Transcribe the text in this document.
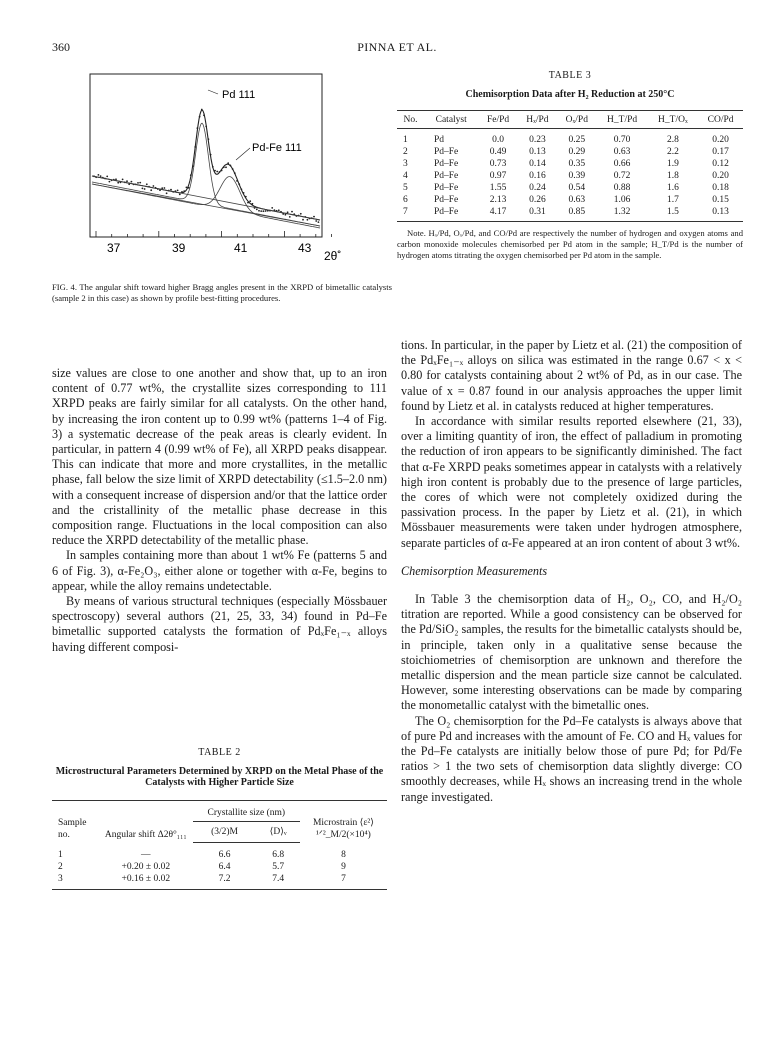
360	PINNA ET AL.
Pd 111
Pd-Fe 111
37	39	41	43
2θ˚
FIG. 4. The angular shift toward higher Bragg angles present in the XRPD of bimetallic catalysts (sample 2 in this case) as shown by profile best-fitting procedures.
TABLE 3
Chemisorption Data after H₂ Reduction at 250°C
No.	Catalyst	Fe/Pd	Hₓ/Pd	Oₓ/Pd	H_T/Pd	H_T/Oₓ	CO/Pd
1	Pd	0.0	0.23	0.25	0.70	2.8	0.20
2	Pd–Fe	0.49	0.13	0.29	0.63	2.2	0.17
3	Pd–Fe	0.73	0.14	0.35	0.66	1.9	0.12
4	Pd–Fe	0.97	0.16	0.39	0.72	1.8	0.20
5	Pd–Fe	1.55	0.24	0.54	0.88	1.6	0.18
6	Pd–Fe	2.13	0.26	0.63	1.06	1.7	0.15
7	Pd–Fe	4.17	0.31	0.85	1.32	1.5	0.13
Note. Hₓ/Pd, Oₓ/Pd, and CO/Pd are respectively the number of hydrogen and oxygen atoms and carbon monoxide molecules chemisorbed per Pd atom in the sample; H_T/Pd is the number of hydrogen atoms titrating the oxygen chemisorbed per Pd atom in the sample.

size values are close to one another and show that, up to an iron content of 0.77 wt%, the crystallite sizes corresponding to 111 XRPD peaks are fairly similar for all catalysts. On the other hand, by increasing the iron content up to 0.99 wt% (patterns 1–4 of Fig. 3) a systematic decrease of the peak areas is clearly evident. In particular, in pattern 4 (0.99 wt% of Fe), all XRPD peaks disappear. This can indicate that more and more crystallites, in the metallic phase, fall below the size limit of XRPD detectability (≤1.5–2.0 nm) with a consequent increase of dispersion and/or that the lattice order and the cristallinity of the metallic phase decrease in this composition range. Fluctuations in the local composition can also reduce the XRPD detectability of the metallic phase.

In samples containing more than about 1 wt% Fe (patterns 5 and 6 of Fig. 3), α-Fe₂O₃, either alone or together with α-Fe, begins to appear, while the alloy remains undetectable.

By means of various structural techniques (especially Mössbauer spectroscopy) several authors (21, 25, 33, 34) found in Pd–Fe bimetallic supported catalysts the formation of PdₓFe₁₋ₓ alloys having different composi-

TABLE 2
Microstructural Parameters Determined by XRPD on the Metal Phase of the Catalysts with Higher Particle Size
Sample no.	Angular shift Δ2θ°₁₁₁	Crystallite size (nm)		Microstrain ⟨ε²⟩¹ᐟ²_M/2(×10⁴)
		(3/2)M	⟨D⟩ᵥ	
1	—	6.6	6.8	8
2	+0.20 ± 0.02	6.4	5.7	9
3	+0.16 ± 0.02	7.2	7.4	7

tions. In particular, in the paper by Lietz et al. (21) the composition of the PdₓFe₁₋ₓ alloys on silica was estimated in the range 0.67 < x < 0.80 for catalysts containing about 2 wt% of Pd, as in our case. The value of x = 0.87 found in our analysis approaches the upper limit found by Lietz et al. in catalysts reduced at higher temperatures.

In accordance with similar results reported elsewhere (21, 33), over a limiting quantity of iron, the effect of palladium in promoting the reduction of iron appears to be significantly diminished. The fact that α-Fe XRPD peaks sometimes appear in catalysts with a relatively high iron content is probably due to the presence of large particles, the cores of which were not completely oxidized during the passivation process. In the paper by Lietz et al. (21), in which Mössbauer measurements were taken under hydrogen atmosphere, separate particles of α-Fe appeared at an iron content of about 3 wt%.

Chemisorption Measurements

In Table 3 the chemisorption data of H₂, O₂, CO, and H₂/O₂ titration are reported. While a good consistency can be observed for the Pd/SiO₂ samples, the results for the bimetallic catalysts should be, in principle, taken only in a qualitative sense because the stoichiometries of chemisorption are unknown and therefore the metallic dispersion and the mean particle size cannot be calculated. However, some interesting observations can be made by comparing the monometallic catalyst with the bimetallic ones.

The O₂ chemisorption for the Pd–Fe catalysts is always above that of pure Pd and increases with the amount of Fe. CO and Hₓ values for the Pd–Fe catalysts are initially below those of pure Pd; for Pd/Fe ratios > 1 the two sets of chemisorption data slightly diverge: CO smoothly decreases, while Hₓ shows an increasing trend in the whole range investigated.
